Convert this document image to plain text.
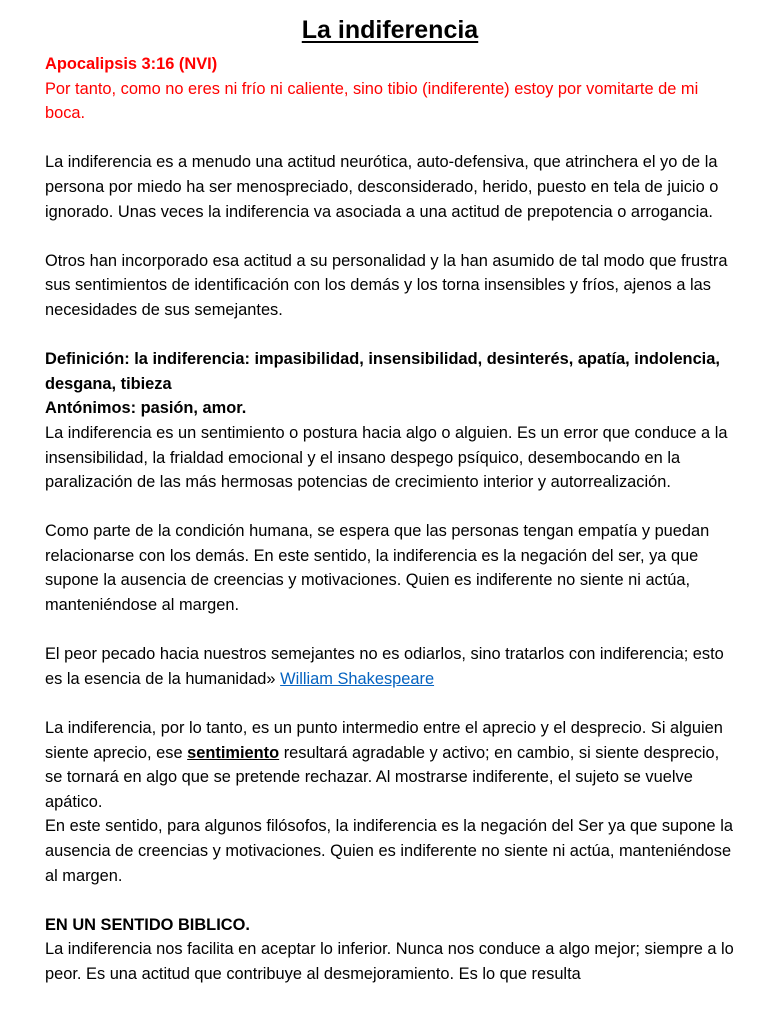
La indiferencia

Apocalipsis 3:16 (NVI)
Por tanto, como no eres ni frío ni caliente, sino tibio (indiferente) estoy por vomitarte de mi boca.

La indiferencia es a menudo una actitud neurótica, auto-defensiva, que atrinchera el yo de la persona por miedo ha ser menospreciado, desconsiderado, herido, puesto en tela de juicio o ignorado. Unas veces la indiferencia va asociada a una actitud de prepotencia o arrogancia.

Otros han incorporado esa actitud a su personalidad y la han asumido de tal modo que frustra sus sentimientos de identificación con los demás y los torna insensibles y fríos, ajenos a las necesidades de sus semejantes.

Definición: la indiferencia: impasibilidad, insensibilidad, desinterés, apatía, indolencia, desgana, tibieza
Antónimos: pasión, amor.

La indiferencia es un sentimiento o postura hacia algo o alguien. Es un error que conduce a la insensibilidad, la frialdad emocional y el insano despego psíquico, desembocando en la paralización de las más hermosas potencias de crecimiento interior y autorrealización.

Como parte de la condición humana, se espera que las personas tengan empatía y puedan relacionarse con los demás. En este sentido, la indiferencia es la negación del ser, ya que supone la ausencia de creencias y motivaciones. Quien es indiferente no siente ni actúa, manteniéndose al margen.

El peor pecado hacia nuestros semejantes no es odiarlos, sino tratarlos con indiferencia; esto es la esencia de la humanidad» William Shakespeare

La indiferencia, por lo tanto, es un punto intermedio entre el aprecio y el desprecio. Si alguien siente aprecio, ese sentimiento resultará agradable y activo; en cambio, si siente desprecio, se tornará en algo que se pretende rechazar. Al mostrarse indiferente, el sujeto se vuelve apático.

En este sentido, para algunos filósofos, la indiferencia es la negación del Ser ya que supone la ausencia de creencias y motivaciones. Quien es indiferente no siente ni actúa, manteniéndose al margen.

EN UN SENTIDO BIBLICO.
La indiferencia nos facilita en aceptar lo inferior. Nunca nos conduce a algo mejor; siempre a lo peor. Es una actitud que contribuye al desmejoramiento. Es lo que resulta
